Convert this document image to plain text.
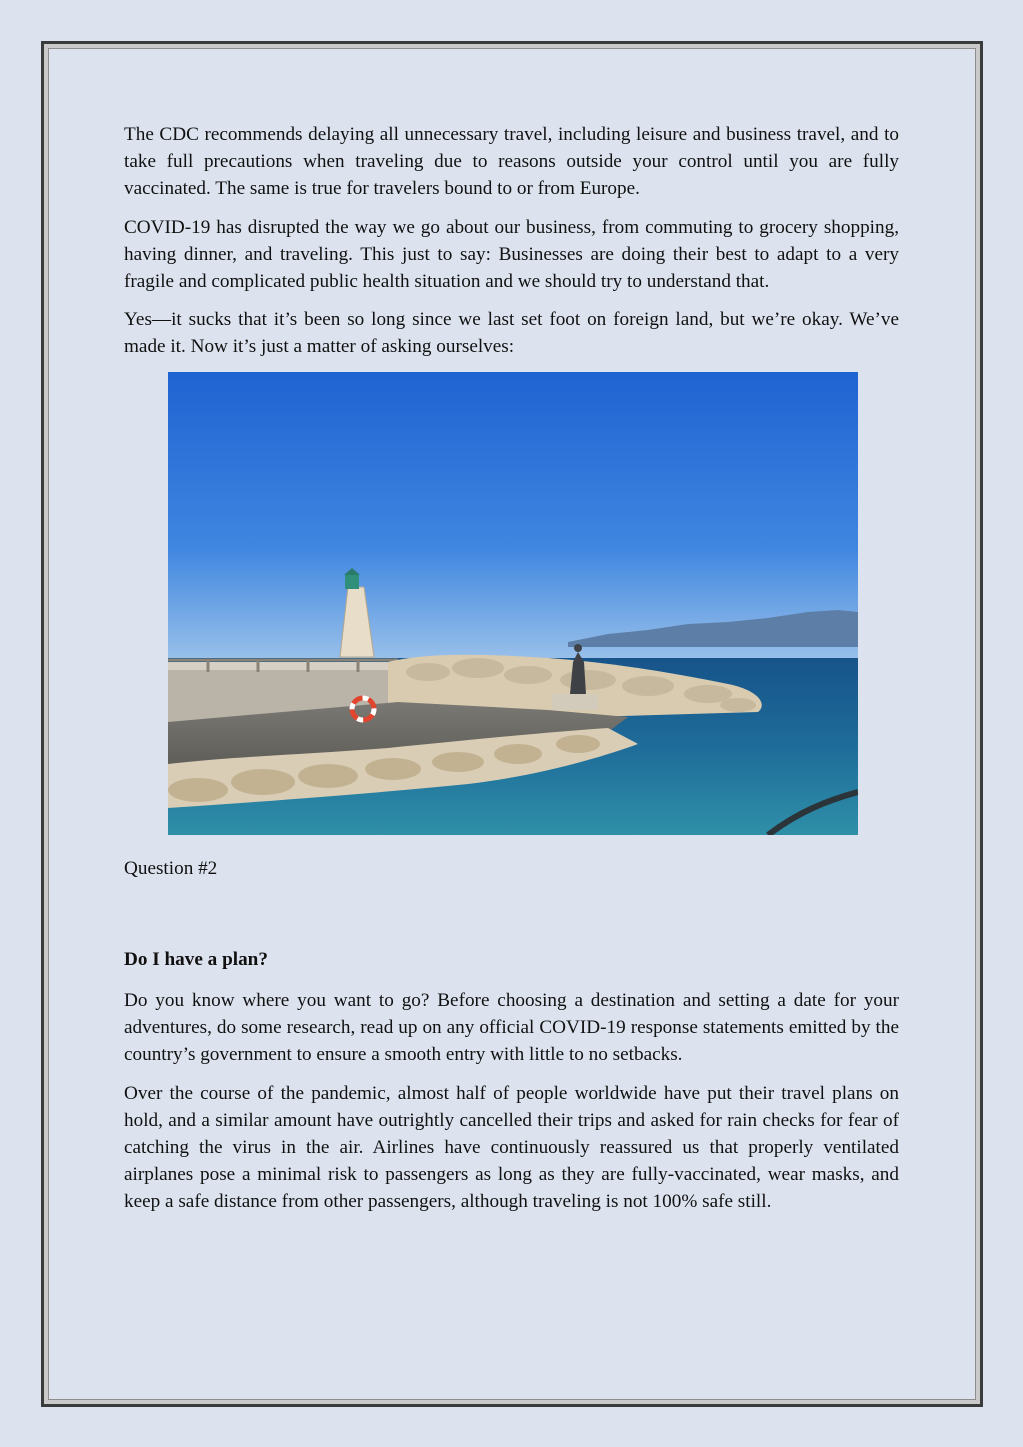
The CDC recommends delaying all unnecessary travel, including leisure and business travel, and to take full precautions when traveling due to reasons outside your control until you are fully vaccinated. The same is true for travelers bound to or from Europe.

COVID-19 has disrupted the way we go about our business, from commuting to grocery shopping, having dinner, and traveling. This just to say: Businesses are doing their best to adapt to a very fragile and complicated public health situation and we should try to understand that.

Yes—it sucks that it’s been so long since we last set foot on foreign land, but we’re okay. We’ve made it. Now it’s just a matter of asking ourselves:

Question #2

Do I have a plan?

Do you know where you want to go? Before choosing a destination and setting a date for your adventures, do some research, read up on any official COVID-19 response statements emitted by the country’s government to ensure a smooth entry with little to no setbacks.

Over the course of the pandemic, almost half of people worldwide have put their travel plans on hold, and a similar amount have outrightly cancelled their trips and asked for rain checks for fear of catching the virus in the air. Airlines have continuously reassured us that properly ventilated airplanes pose a minimal risk to passengers as long as they are fully-vaccinated, wear masks, and keep a safe distance from other passengers, although traveling is not 100% safe still.
